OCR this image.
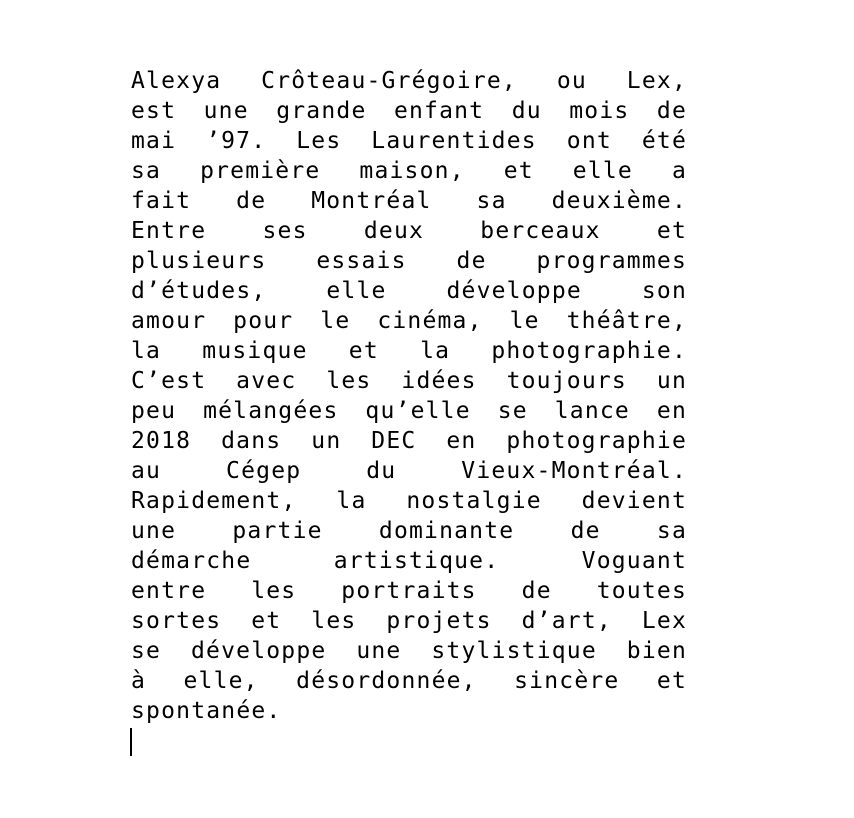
Alexya Crôteau-Grégoire, ou Lex,

est une grande enfant du mois de

mai ’97. Les Laurentides ont été

sa première maison, et elle a

fait de Montréal sa deuxième.

Entre ses deux berceaux et

plusieurs essais de programmes

d’études, elle développe son

amour pour le cinéma, le théâtre,

la musique et la photographie.

C’est avec les idées toujours un

peu mélangées qu’elle se lance en

2018 dans un DEC en photographie

au Cégep du Vieux-Montréal.

Rapidement, la nostalgie devient

une partie dominante de sa

démarche artistique. Voguant

entre les portraits de toutes

sortes et les projets d’art, Lex

se développe une stylistique bien

à elle, désordonnée, sincère et

spontanée.
